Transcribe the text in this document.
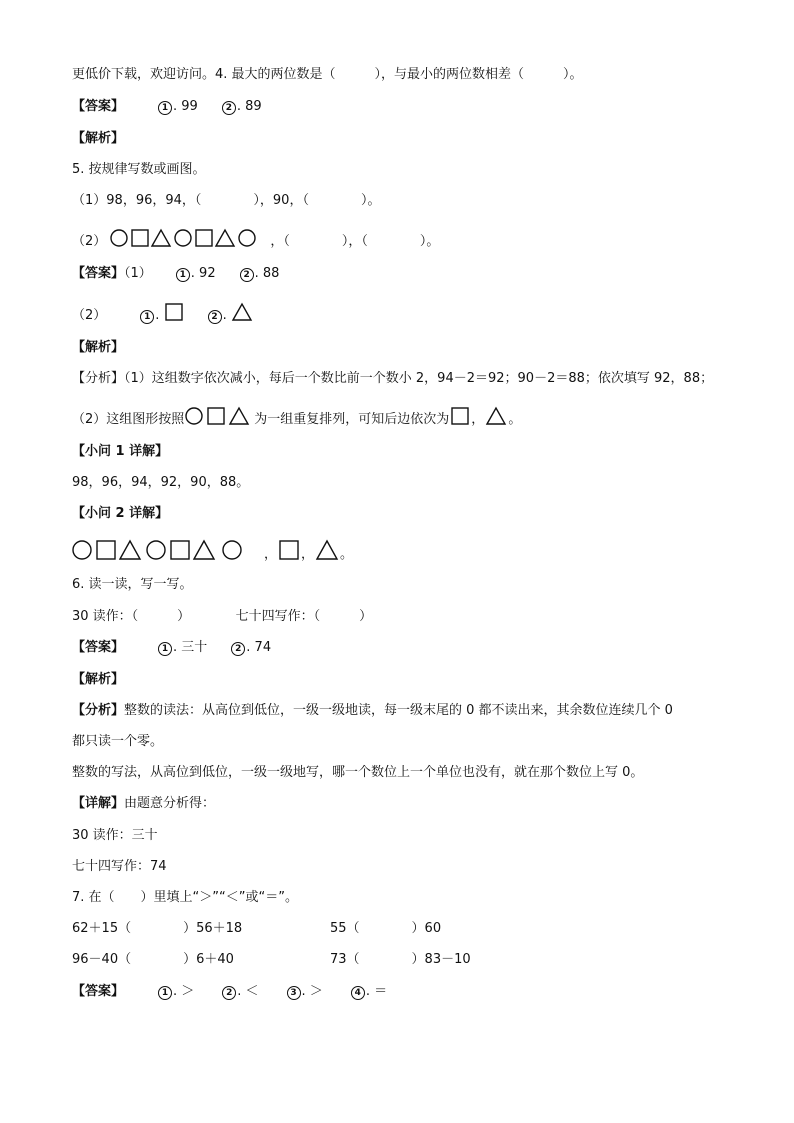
更低价下载，欢迎访问。4. 最大的两位数是（　　　），与最小的两位数相差（　　　）。
【答案】	1 . 99	2 . 89
【解析】
5. 按规律写数或画图。
（1）98，96，94，（　　　　），90，（　　　　）。
（2）	，（　　　　），（　　　　）。
【答案】（1）	1 . 92	2 . 88
（2）	1 .	2 .
【解析】
【分析】（1）这组数字依次减小，每后一个数比前一个数小 2，94－2＝92；90－2＝88；依次填写 92，88；
（2）这组图形按照	为一组重复排列，可知后边依次为 ， 。
【小问 1 详解】
98，96，94，92，90，88。
【小问 2 详解】
， ， 。
6. 读一读，写一写。
30 读作：（　　　）　　　　七十四写作：（　　　）
【答案】	1 . 三十	2 . 74
【解析】
【分析】整数的读法：从高位到低位，一级一级地读，每一级末尾的 0 都不读出来，其余数位连续几个 0
都只读一个零。
整数的写法，从高位到低位，一级一级地写，哪一个数位上一个单位也没有，就在那个数位上写 0。
【详解】由题意分析得：
30 读作：三十
七十四写作：74
7. 在（　　）里填上“＞”“＜”或“＝”。
62＋15（　　　　）56＋18	55（　　　　）60
96－40（　　　　）6＋40	73（　　　　）83－10
【答案】	1 . ＞	2 . ＜	3 . ＞	4 . ＝
